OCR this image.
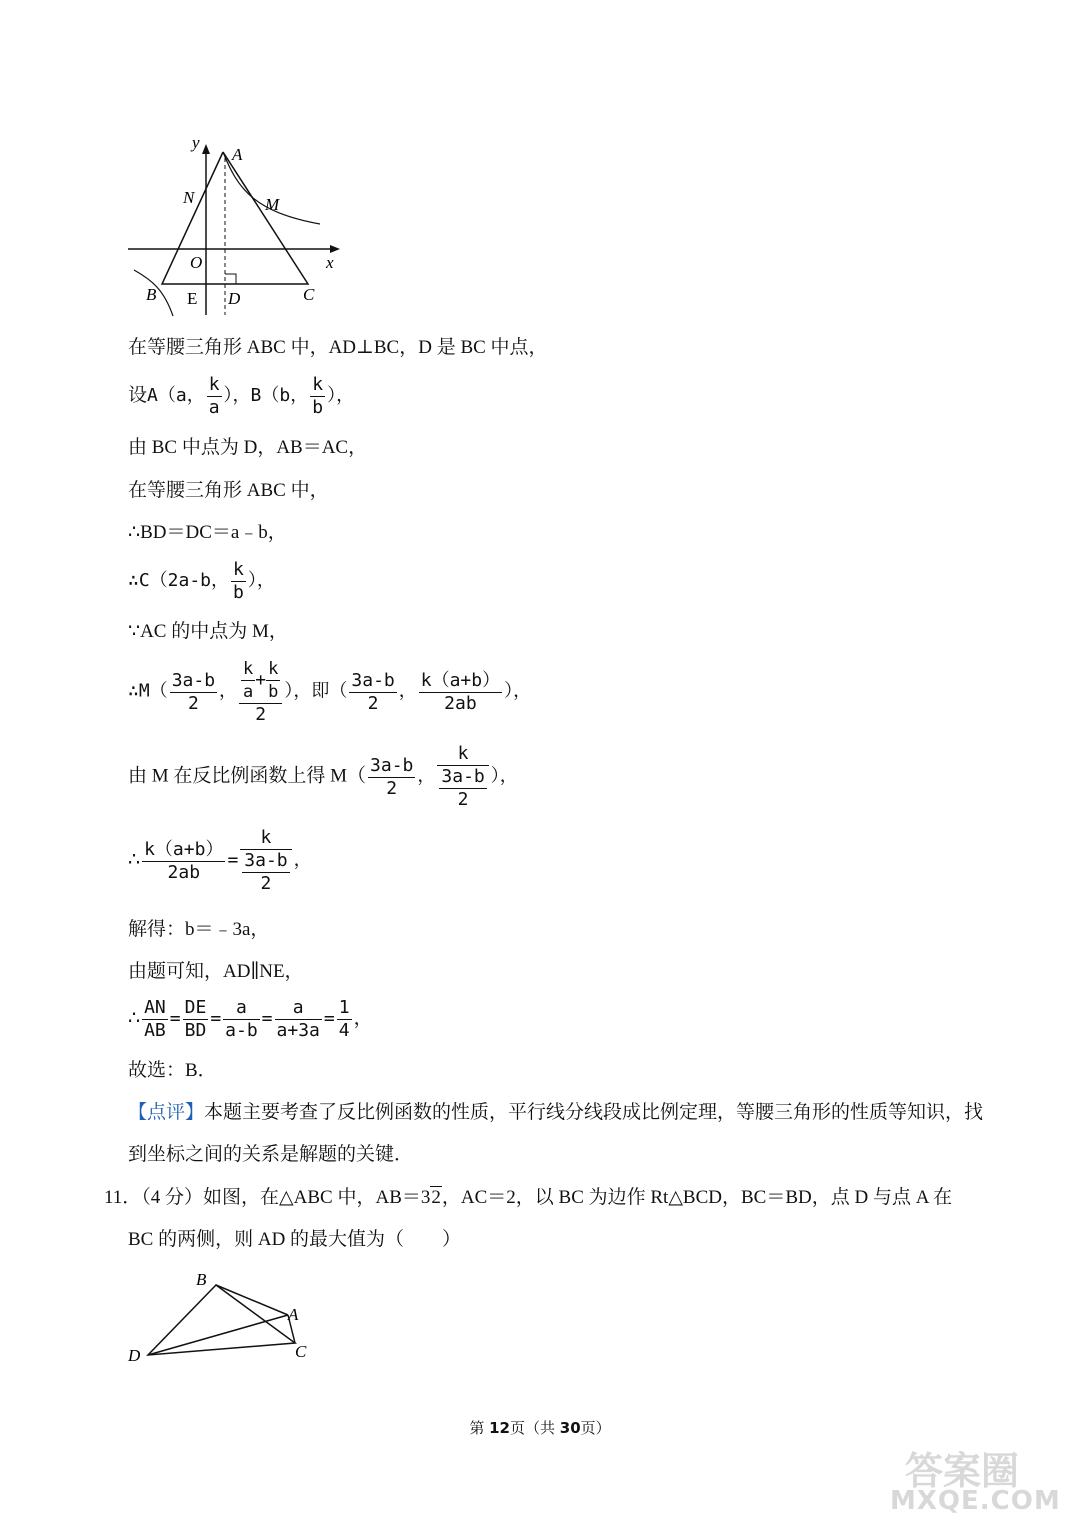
y
A
N	M
O	x
B E D	C
在等腰三角形 ABC 中，AD⊥BC，D 是 BC 中点，
设A（a， $\frac{k}{a}$ ），B（b， $\frac{k}{b}$ ），
由 BC 中点为 D，AB＝AC，
在等腰三角形 ABC 中，
∴BD＝DC＝a﹣b，
∴C（2a-b， $\frac{k}{b}$ ），
∵AC 的中点为 M，
∴M（ $\frac{3a-b}{2}$ ， $\frac{\frac{k}{a} + \frac{k}{b}}{2}$ ），即（ $\frac{3a-b}{2}$ ， $\frac{k(a+b)}{2ab}$ ），
由 M 在反比例函数上得 $M( \frac{3a-b}{2}$ ， $\frac{k}{\frac{3a-b}{2}}$ ），
∴ $\frac{k(a+b)}{2ab} = \frac{k}{\frac{3a-b}{2}}$ ，
解得：b＝﹣3a，
由题可知，AD∥NE，
∴ $\frac{AN}{AB} = \frac{DE}{BD} = \frac{a}{a-b} = \frac{a}{a+3a} = \frac{1}{4}$ ，
故选：B．
【点评】本题主要考查了反比例函数的性质，平行线分线段成比例定理，等腰三角形的性质等知识，找
到坐标之间的关系是解题的关键．
11．（4 分）如图，在△ABC 中，AB＝32，AC＝2，以 BC 为边作 Rt△BCD，BC＝BD，点 D 与点 A 在
BC 的两侧，则 AD 的最大值为（　　）
B
A
D	C
第 12页（共 30页）
答案圈
MXQE.COM
